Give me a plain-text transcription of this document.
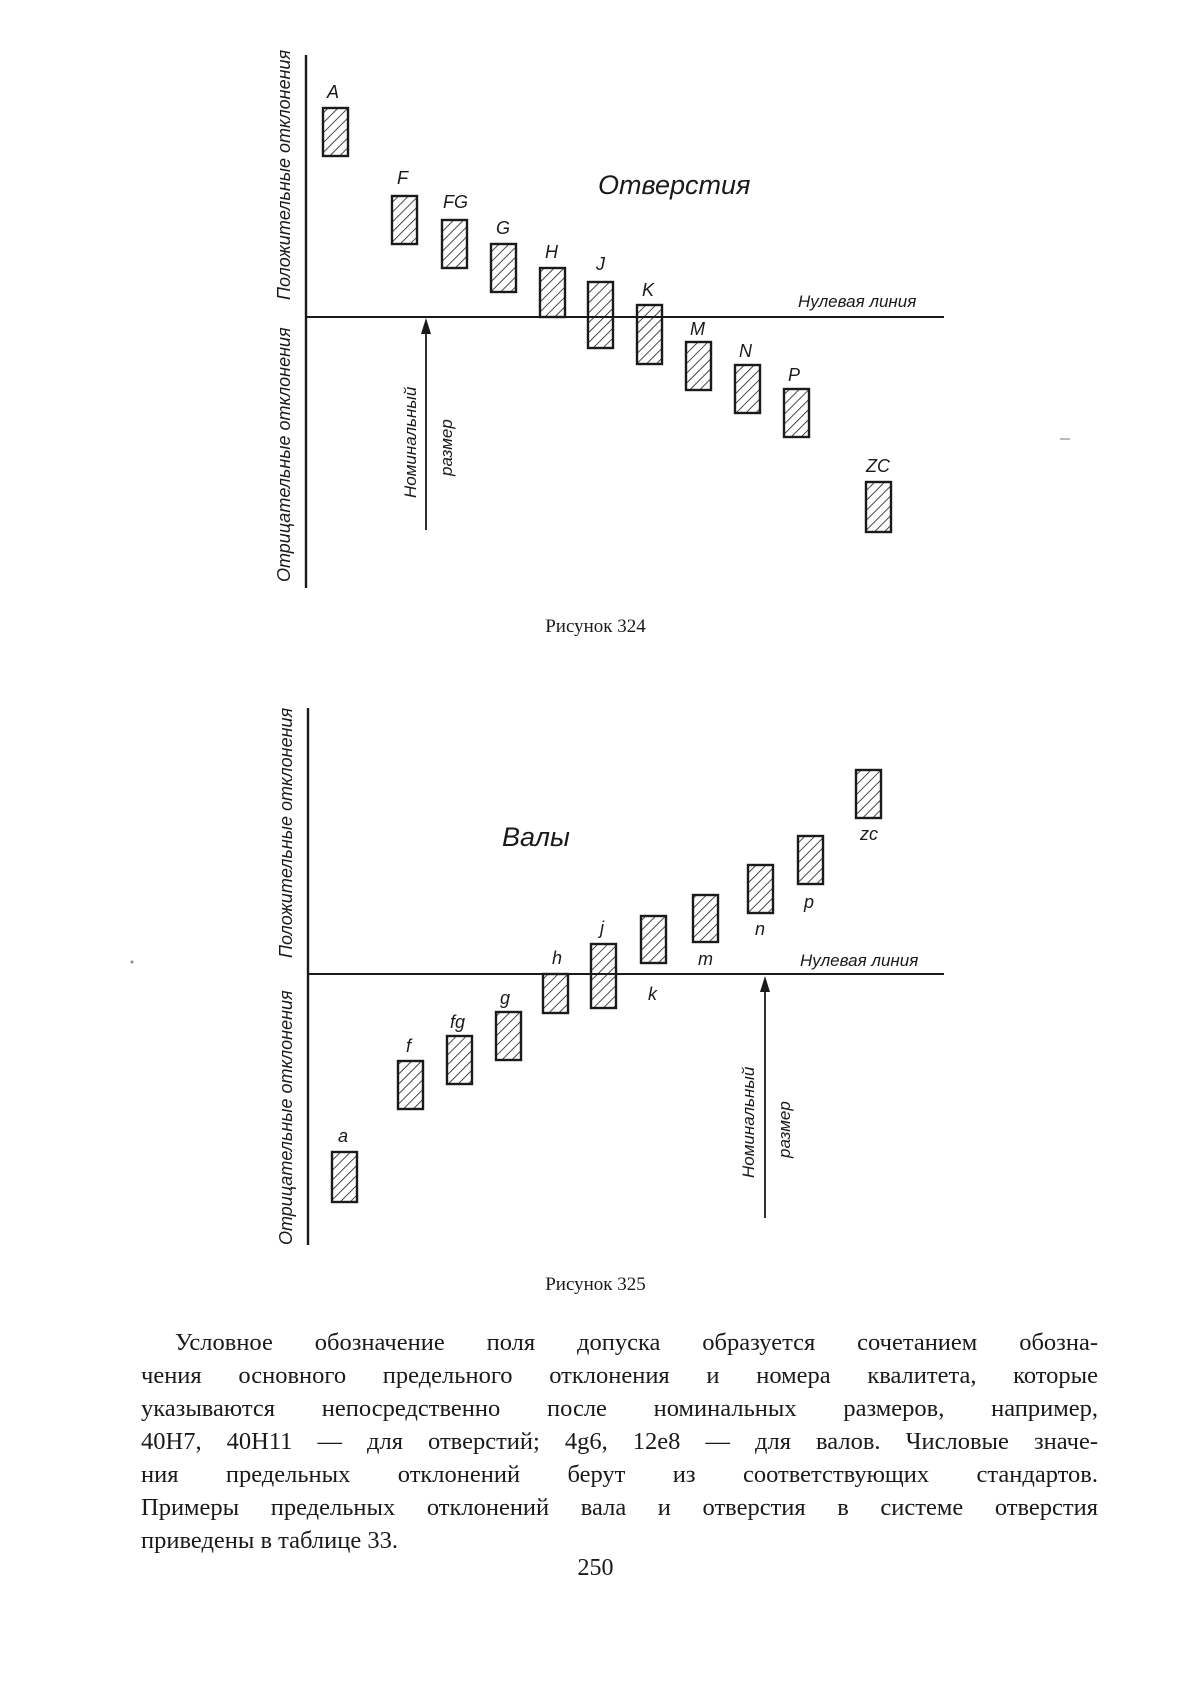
Положительные отклонения
Отрицательные отклонения
Отверстия
Нулевая линия
Номинальный размер
A
F
FG
G
H
J
K
M
N
P
ZC
Рисунок 324
Положительные отклонения
Отрицательные отклонения
Валы
Нулевая линия
Номинальный размер
a
f
fg
g
h
j
k
m
n
p
zc
Рисунок 325
Условное обозначение поля допуска образуется сочетанием обозна-
чения основного предельного отклонения и номера квалитета, которые
указываются непосредственно после номинальных размеров, например,
40H7, 40H11 — для отверстий; 4g6, 12e8 — для валов. Числовые значе-
ния предельных отклонений берут из соответствующих стандартов.
Примеры предельных отклонений вала и отверстия в системе отверстия
приведены в таблице 33.
250
